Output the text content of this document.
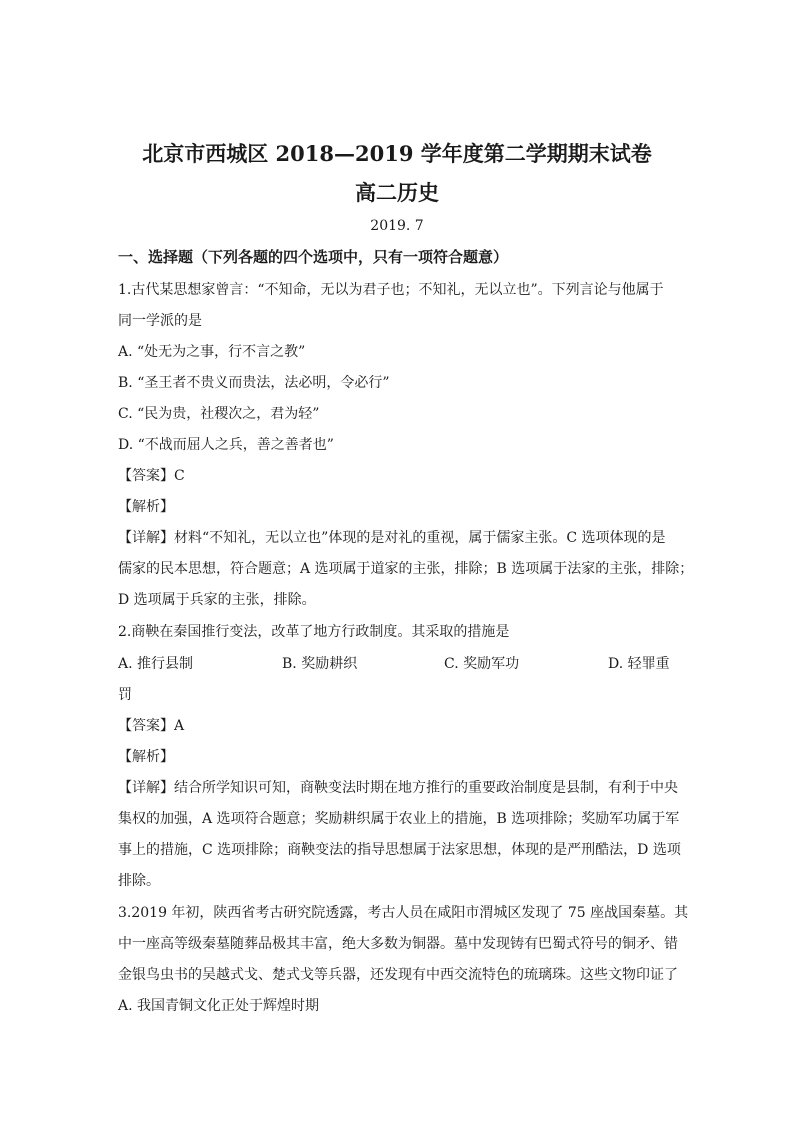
北京市西城区 2018—2019 学年度第二学期期末试卷
高二历史
2019. 7
一、选择题（下列各题的四个选项中，只有一项符合题意）
1.古代某思想家曾言：“不知命，无以为君子也；不知礼，无以立也”。下列言论与他属于
同一学派的是
A. “处无为之事，行不言之教”
B. “圣王者不贵义而贵法，法必明，令必行”
C. “民为贵，社稷次之，君为轻”
D. “不战而屈人之兵，善之善者也”
【答案】C
【解析】
【详解】材料“不知礼，无以立也”体现的是对礼的重视，属于儒家主张。C 选项体现的是
儒家的民本思想，符合题意；A 选项属于道家的主张，排除；B 选项属于法家的主张，排除；
D 选项属于兵家的主张，排除。
2.商鞅在秦国推行变法，改革了地方行政制度。其采取的措施是
A. 推行县制	B. 奖励耕织	C. 奖励军功	D. 轻罪重
罚
【答案】A
【解析】
【详解】结合所学知识可知，商鞅变法时期在地方推行的重要政治制度是县制，有利于中央
集权的加强，A 选项符合题意；奖励耕织属于农业上的措施，B 选项排除；奖励军功属于军
事上的措施，C 选项排除；商鞅变法的指导思想属于法家思想，体现的是严刑酷法，D 选项
排除。
3.2019 年初，陕西省考古研究院透露，考古人员在咸阳市渭城区发现了 75 座战国秦墓。其
中一座高等级秦墓随葬品极其丰富，绝大多数为铜器。墓中发现铸有巴蜀式符号的铜矛、错
金银鸟虫书的吴越式戈、楚式戈等兵器，还发现有中西交流特色的琉璃珠。这些文物印证了
A. 我国青铜文化正处于辉煌时期
